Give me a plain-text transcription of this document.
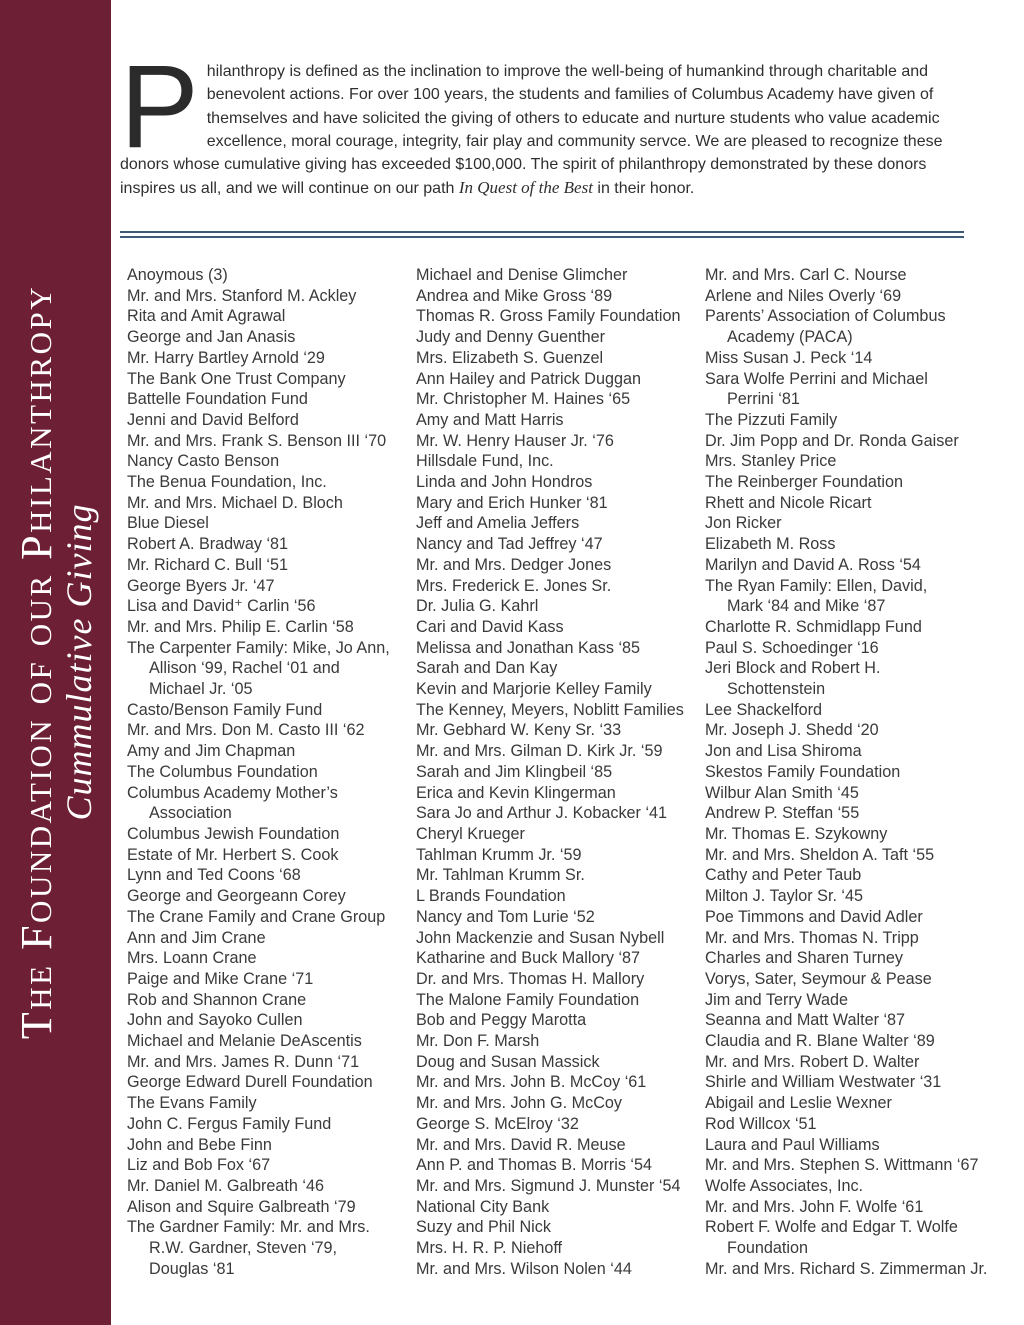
The Foundation of our Philanthropy
Cummulative Giving
Philanthropy is defined as the inclination to improve the well-being of humankind through charitable and benevolent actions. For over 100 years, the students and families of Columbus Academy have given of themselves and have solicited the giving of others to educate and nurture students who value academic excellence, moral courage, integrity, fair play and community servce. We are pleased to recognize these donors whose cumulative giving has exceeded $100,000. The spirit of philanthropy demonstrated by these donors inspires us all, and we will continue on our path In Quest of the Best in their honor.
Anoymous (3)
Mr. and Mrs. Stanford M. Ackley
Rita and Amit Agrawal
George and Jan Anasis
Mr. Harry Bartley Arnold ‘29
The Bank One Trust Company
Battelle Foundation Fund
Jenni and David Belford
Mr. and Mrs. Frank S. Benson III ‘70
Nancy Casto Benson
The Benua Foundation, Inc.
Mr. and Mrs. Michael D. Bloch
Blue Diesel
Robert A. Bradway ‘81
Mr. Richard C. Bull ‘51
George Byers Jr. ‘47
Lisa and David⁺ Carlin ‘56
Mr. and Mrs. Philip E. Carlin ‘58
The Carpenter Family: Mike, Jo Ann,
Allison ‘99, Rachel ‘01 and
Michael Jr. ‘05
Casto/Benson Family Fund
Mr. and Mrs. Don M. Casto III ‘62
Amy and Jim Chapman
The Columbus Foundation
Columbus Academy Mother’s
Association
Columbus Jewish Foundation
Estate of Mr. Herbert S. Cook
Lynn and Ted Coons ‘68
George and Georgeann Corey
The Crane Family and Crane Group
Ann and Jim Crane
Mrs. Loann Crane
Paige and Mike Crane ‘71
Rob and Shannon Crane
John and Sayoko Cullen
Michael and Melanie DeAscentis
Mr. and Mrs. James R. Dunn ‘71
George Edward Durell Foundation
The Evans Family
John C. Fergus Family Fund
John and Bebe Finn
Liz and Bob Fox ‘67
Mr. Daniel M. Galbreath ‘46
Alison and Squire Galbreath ‘79
The Gardner Family: Mr. and Mrs.
R.W. Gardner, Steven ‘79,
Douglas ‘81
Michael and Denise Glimcher
Andrea and Mike Gross ‘89
Thomas R. Gross Family Foundation
Judy and Denny Guenther
Mrs. Elizabeth S. Guenzel
Ann Hailey and Patrick Duggan
Mr. Christopher M. Haines ‘65
Amy and Matt Harris
Mr. W. Henry Hauser Jr. ‘76
Hillsdale Fund, Inc.
Linda and John Hondros
Mary and Erich Hunker ‘81
Jeff and Amelia Jeffers
Nancy and Tad Jeffrey ‘47
Mr. and Mrs. Dedger Jones
Mrs. Frederick E. Jones Sr.
Dr. Julia G. Kahrl
Cari and David Kass
Melissa and Jonathan Kass ‘85
Sarah and Dan Kay
Kevin and Marjorie Kelley Family
The Kenney, Meyers, Noblitt Families
Mr. Gebhard W. Keny Sr. ‘33
Mr. and Mrs. Gilman D. Kirk Jr. ‘59
Sarah and Jim Klingbeil ‘85
Erica and Kevin Klingerman
Sara Jo and Arthur J. Kobacker ‘41
Cheryl Krueger
Tahlman Krumm Jr. ‘59
Mr. Tahlman Krumm Sr.
L Brands Foundation
Nancy and Tom Lurie ‘52
John Mackenzie and Susan Nybell
Katharine and Buck Mallory ‘87
Dr. and Mrs. Thomas H. Mallory
The Malone Family Foundation
Bob and Peggy Marotta
Mr. Don F. Marsh
Doug and Susan Massick
Mr. and Mrs. John B. McCoy ‘61
Mr. and Mrs. John G. McCoy
George S. McElroy ‘32
Mr. and Mrs. David R. Meuse
Ann P. and Thomas B. Morris ‘54
Mr. and Mrs. Sigmund J. Munster ‘54
National City Bank
Suzy and Phil Nick
Mrs. H. R. P. Niehoff
Mr. and Mrs. Wilson Nolen ‘44
Mr. and Mrs. Carl C. Nourse
Arlene and Niles Overly ‘69
Parents’ Association of Columbus
Academy (PACA)
Miss Susan J. Peck ‘14
Sara Wolfe Perrini and Michael
Perrini ‘81
The Pizzuti Family
Dr. Jim Popp and Dr. Ronda Gaiser
Mrs. Stanley Price
The Reinberger Foundation
Rhett and Nicole Ricart
Jon Ricker
Elizabeth M. Ross
Marilyn and David A. Ross ‘54
The Ryan Family: Ellen, David,
Mark ‘84 and Mike ‘87
Charlotte R. Schmidlapp Fund
Paul S. Schoedinger ‘16
Jeri Block and Robert H.
Schottenstein
Lee Shackelford
Mr. Joseph J. Shedd ‘20
Jon and Lisa Shiroma
Skestos Family Foundation
Wilbur Alan Smith ‘45
Andrew P. Steffan ‘55
Mr. Thomas E. Szykowny
Mr. and Mrs. Sheldon A. Taft ‘55
Cathy and Peter Taub
Milton J. Taylor Sr. ‘45
Poe Timmons and David Adler
Mr. and Mrs. Thomas N. Tripp
Charles and Sharen Turney
Vorys, Sater, Seymour & Pease
Jim and Terry Wade
Seanna and Matt Walter ‘87
Claudia and R. Blane Walter ‘89
Mr. and Mrs. Robert D. Walter
Shirle and William Westwater ‘31
Abigail and Leslie Wexner
Rod Willcox ‘51
Laura and Paul Williams
Mr. and Mrs. Stephen S. Wittmann ‘67
Wolfe Associates, Inc.
Mr. and Mrs. John F. Wolfe ‘61
Robert F. Wolfe and Edgar T. Wolfe
Foundation
Mr. and Mrs. Richard S. Zimmerman Jr.
